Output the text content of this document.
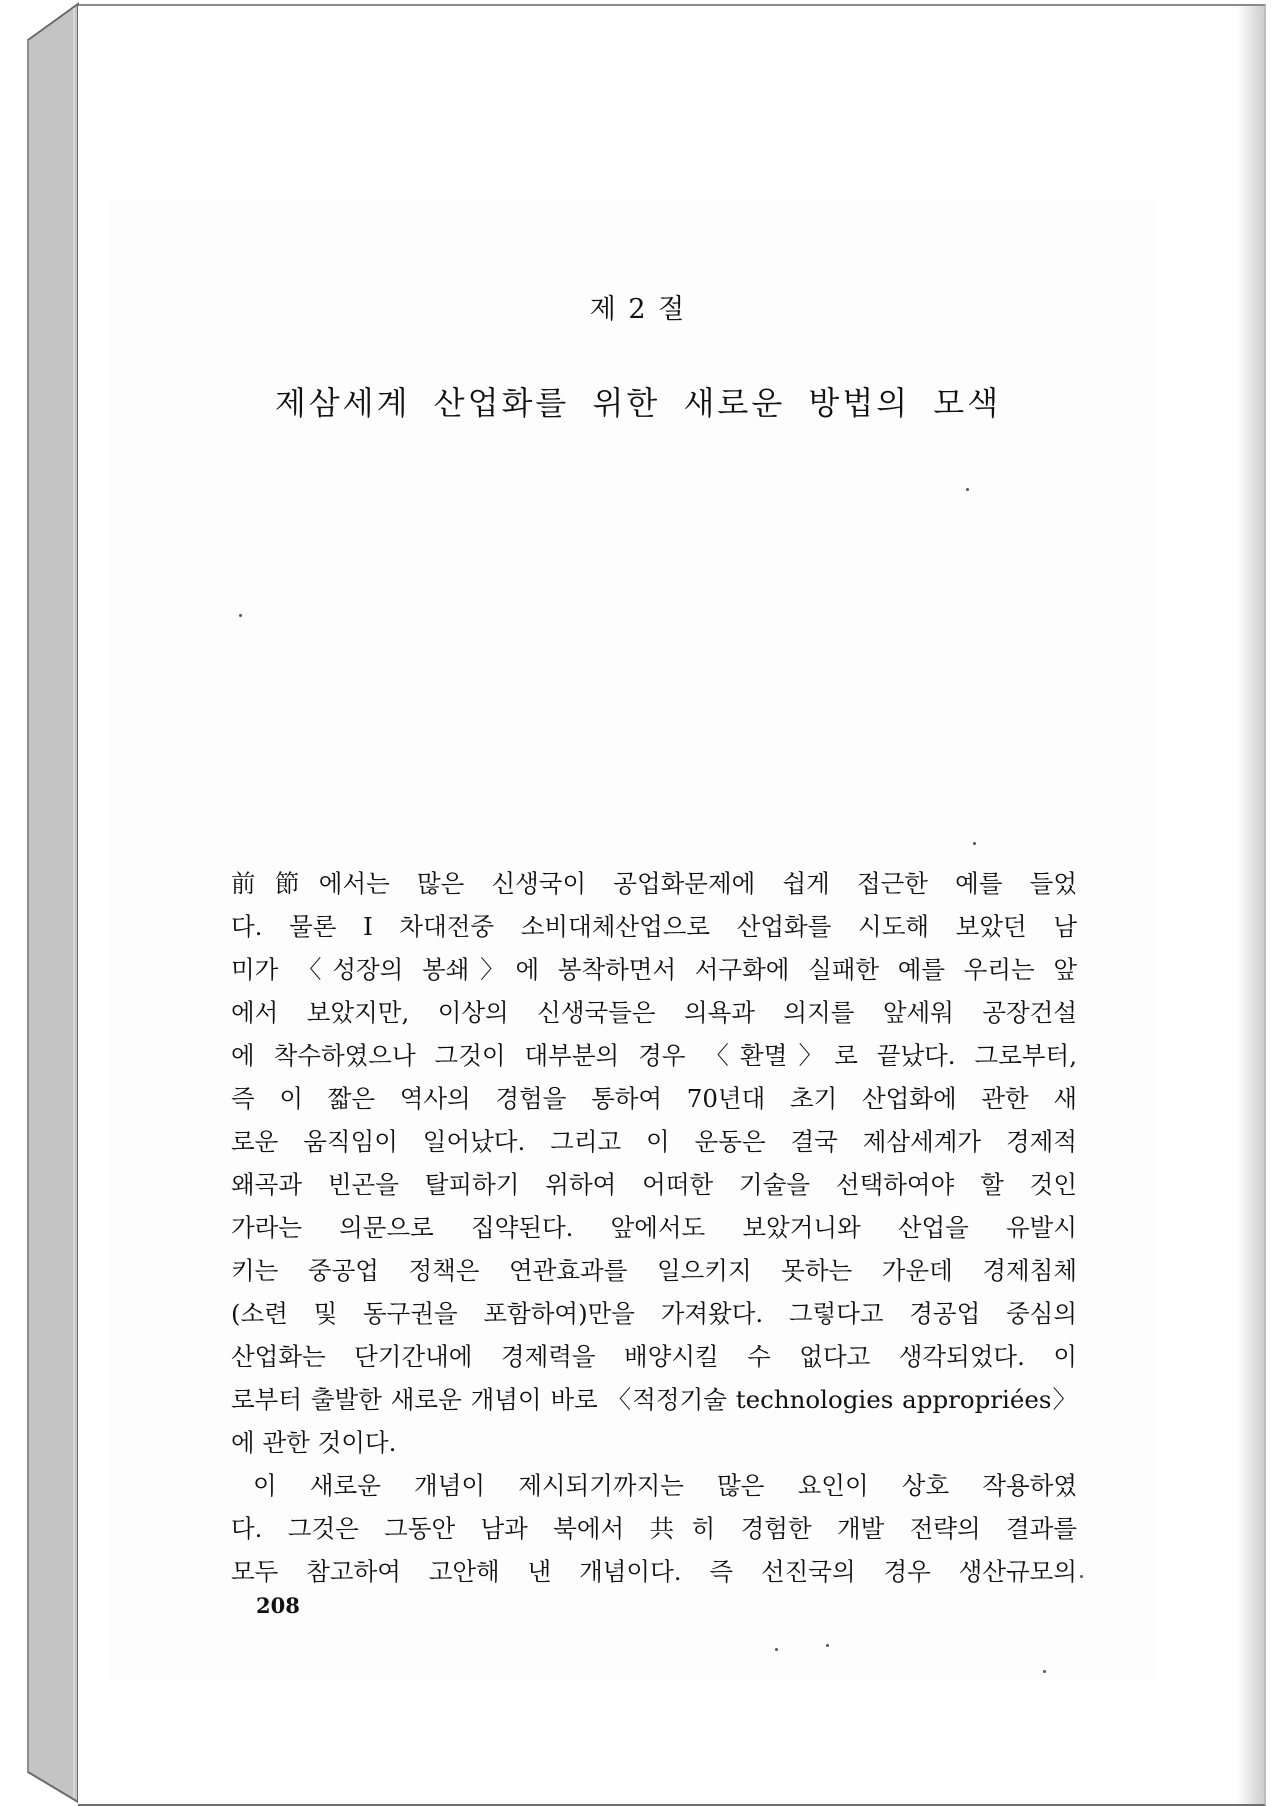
제 2 절
제삼세계 산업화를 위한 새로운 방법의 모색
前節에서는 많은 신생국이 공업화문제에 쉽게 접근한 예를 들었
다. 물론 I 차대전중 소비대체산업으로 산업화를 시도해 보았던 남
미가 〈성장의 봉쇄〉에 봉착하면서 서구화에 실패한 예를 우리는 앞
에서 보았지만, 이상의 신생국들은 의욕과 의지를 앞세워 공장건설
에 착수하였으나 그것이 대부분의 경우 〈환멸〉로 끝났다. 그로부터,
즉 이 짧은 역사의 경험을 통하여 70년대 초기 산업화에 관한 새
로운 움직임이 일어났다. 그리고 이 운동은 결국 제삼세계가 경제적
왜곡과 빈곤을 탈피하기 위하여 어떠한 기술을 선택하여야 할 것인
가라는 의문으로 집약된다. 앞에서도 보았거니와 산업을 유발시
키는 중공업 정책은 연관효과를 일으키지 못하는 가운데 경제침체
(소련 및 동구권을 포함하여)만을 가져왔다. 그렇다고 경공업 중심의
산업화는 단기간내에 경제력을 배양시킬 수 없다고 생각되었다. 이
로부터 출발한 새로운 개념이 바로 〈적정기술 technologies appropriées〉
에 관한 것이다.
이 새로운 개념이 제시되기까지는 많은 요인이 상호 작용하였
다. 그것은 그동안 남과 북에서 共히 경험한 개발 전략의 결과를
모두 참고하여 고안해 낸 개념이다. 즉 선진국의 경우 생산규모의
208
